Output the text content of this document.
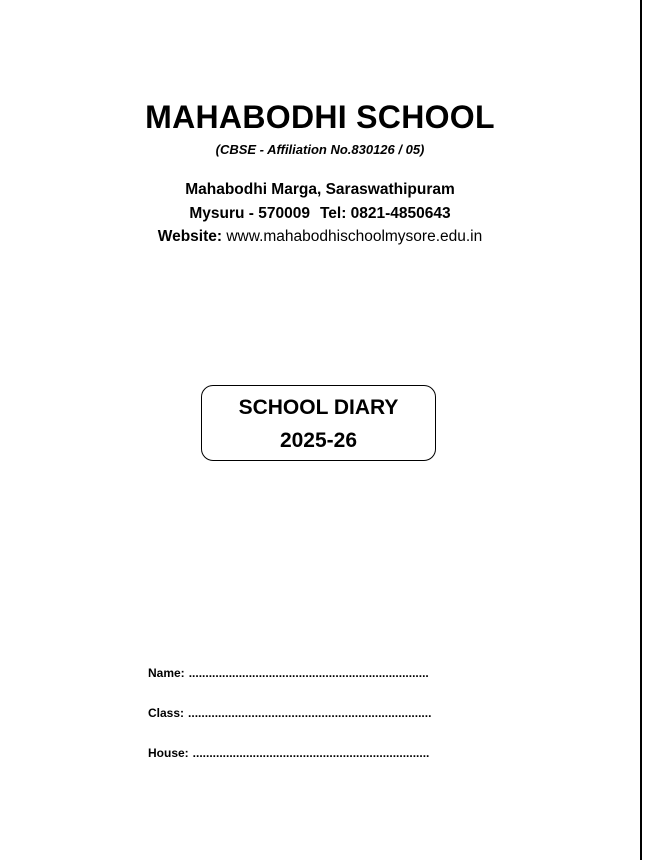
MAHABODHI SCHOOL
(CBSE - Affiliation No.830126 / 05)
Mahabodhi Marga, Saraswathipuram
Mysuru - 570009 Tel: 0821-4850643
Website: www.mahabodhischoolmysore.edu.in
SCHOOL DIARY
2025-26
Name: ........................................................................
Class: .........................................................................
House: .......................................................................
